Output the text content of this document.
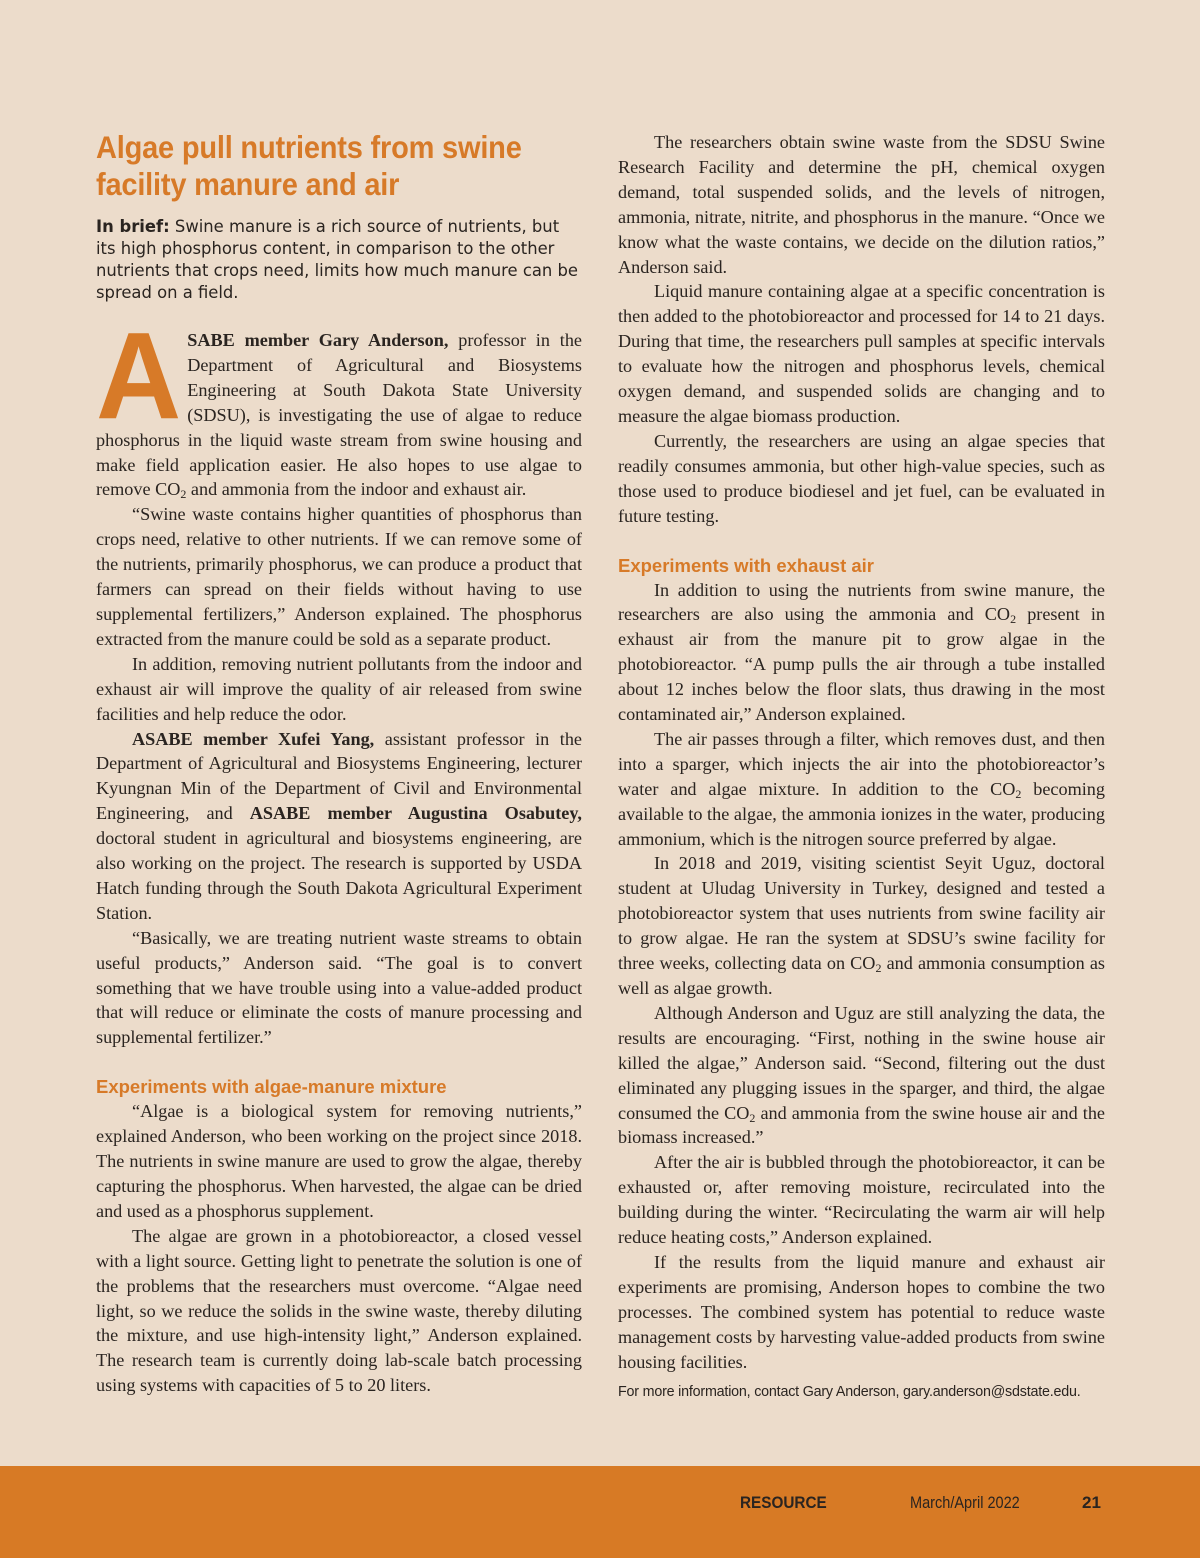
Algae pull nutrients from swine facility manure and air

In brief: Swine manure is a rich source of nutrients, but its high phosphorus content, in comparison to the other nutrients that crops need, limits how much manure can be spread on a field.

ASABE member Gary Anderson, professor in the Department of Agricultural and Biosystems Engineering at South Dakota State University (SDSU), is investigating the use of algae to reduce phosphorus in the liquid waste stream from swine housing and make field application easier. He also hopes to use algae to remove $CO_2$ and ammonia from the indoor and exhaust air.

“Swine waste contains higher quantities of phosphorus than crops need, relative to other nutrients. If we can remove some of the nutrients, primarily phosphorus, we can produce a product that farmers can spread on their fields without having to use supplemental fertilizers,” Anderson explained. The phosphorus extracted from the manure could be sold as a separate product.

In addition, removing nutrient pollutants from the indoor and exhaust air will improve the quality of air released from swine facilities and help reduce the odor.

ASABE member Xufei Yang, assistant professor in the Department of Agricultural and Biosystems Engineering, lecturer Kyungnan Min of the Department of Civil and Environmental Engineering, and ASABE member Augustina Osabutey, doctoral student in agricultural and biosystems engineering, are also working on the project. The research is supported by USDA Hatch funding through the South Dakota Agricultural Experiment Station.

“Basically, we are treating nutrient waste streams to obtain useful products,” Anderson said. “The goal is to convert something that we have trouble using into a value-added product that will reduce or eliminate the costs of manure processing and supplemental fertilizer.”

Experiments with algae-manure mixture

“Algae is a biological system for removing nutrients,” explained Anderson, who been working on the project since 2018. The nutrients in swine manure are used to grow the algae, thereby capturing the phosphorus. When harvested, the algae can be dried and used as a phosphorus supplement.

The algae are grown in a photobioreactor, a closed vessel with a light source. Getting light to penetrate the solution is one of the problems that the researchers must overcome. “Algae need light, so we reduce the solids in the swine waste, thereby diluting the mixture, and use high-intensity light,” Anderson explained. The research team is currently doing lab-scale batch processing using systems with capacities of 5 to 20 liters.

The researchers obtain swine waste from the SDSU Swine Research Facility and determine the pH, chemical oxygen demand, total suspended solids, and the levels of nitrogen, ammonia, nitrate, nitrite, and phosphorus in the manure. “Once we know what the waste contains, we decide on the dilution ratios,” Anderson said.

Liquid manure containing algae at a specific concentration is then added to the photobioreactor and processed for 14 to 21 days. During that time, the researchers pull samples at specific intervals to evaluate how the nitrogen and phosphorus levels, chemical oxygen demand, and suspended solids are changing and to measure the algae biomass production.

Currently, the researchers are using an algae species that readily consumes ammonia, but other high-value species, such as those used to produce biodiesel and jet fuel, can be evaluated in future testing.

Experiments with exhaust air

In addition to using the nutrients from swine manure, the researchers are also using the ammonia and $CO_2$ present in exhaust air from the manure pit to grow algae in the photobioreactor. “A pump pulls the air through a tube installed about 12 inches below the floor slats, thus drawing in the most contaminated air,” Anderson explained.

The air passes through a filter, which removes dust, and then into a sparger, which injects the air into the photobioreactor’s water and algae mixture. In addition to the $CO_2$ becoming available to the algae, the ammonia ionizes in the water, producing ammonium, which is the nitrogen source preferred by algae.

In 2018 and 2019, visiting scientist Seyit Uguz, doctoral student at Uludag University in Turkey, designed and tested a photobioreactor system that uses nutrients from swine facility air to grow algae. He ran the system at SDSU’s swine facility for three weeks, collecting data on $CO_2$ and ammonia consumption as well as algae growth.

Although Anderson and Uguz are still analyzing the data, the results are encouraging. “First, nothing in the swine house air killed the algae,” Anderson said. “Second, filtering out the dust eliminated any plugging issues in the sparger, and third, the algae consumed the $CO_2$ and ammonia from the swine house air and the biomass increased.”

After the air is bubbled through the photobioreactor, it can be exhausted or, after removing moisture, recirculated into the building during the winter. “Recirculating the warm air will help reduce heating costs,” Anderson explained.

If the results from the liquid manure and exhaust air experiments are promising, Anderson hopes to combine the two processes. The combined system has potential to reduce waste management costs by harvesting value-added products from swine housing facilities.

For more information, contact Gary Anderson, gary.anderson@sdstate.edu.
RESOURCE	March/April 2022	21
